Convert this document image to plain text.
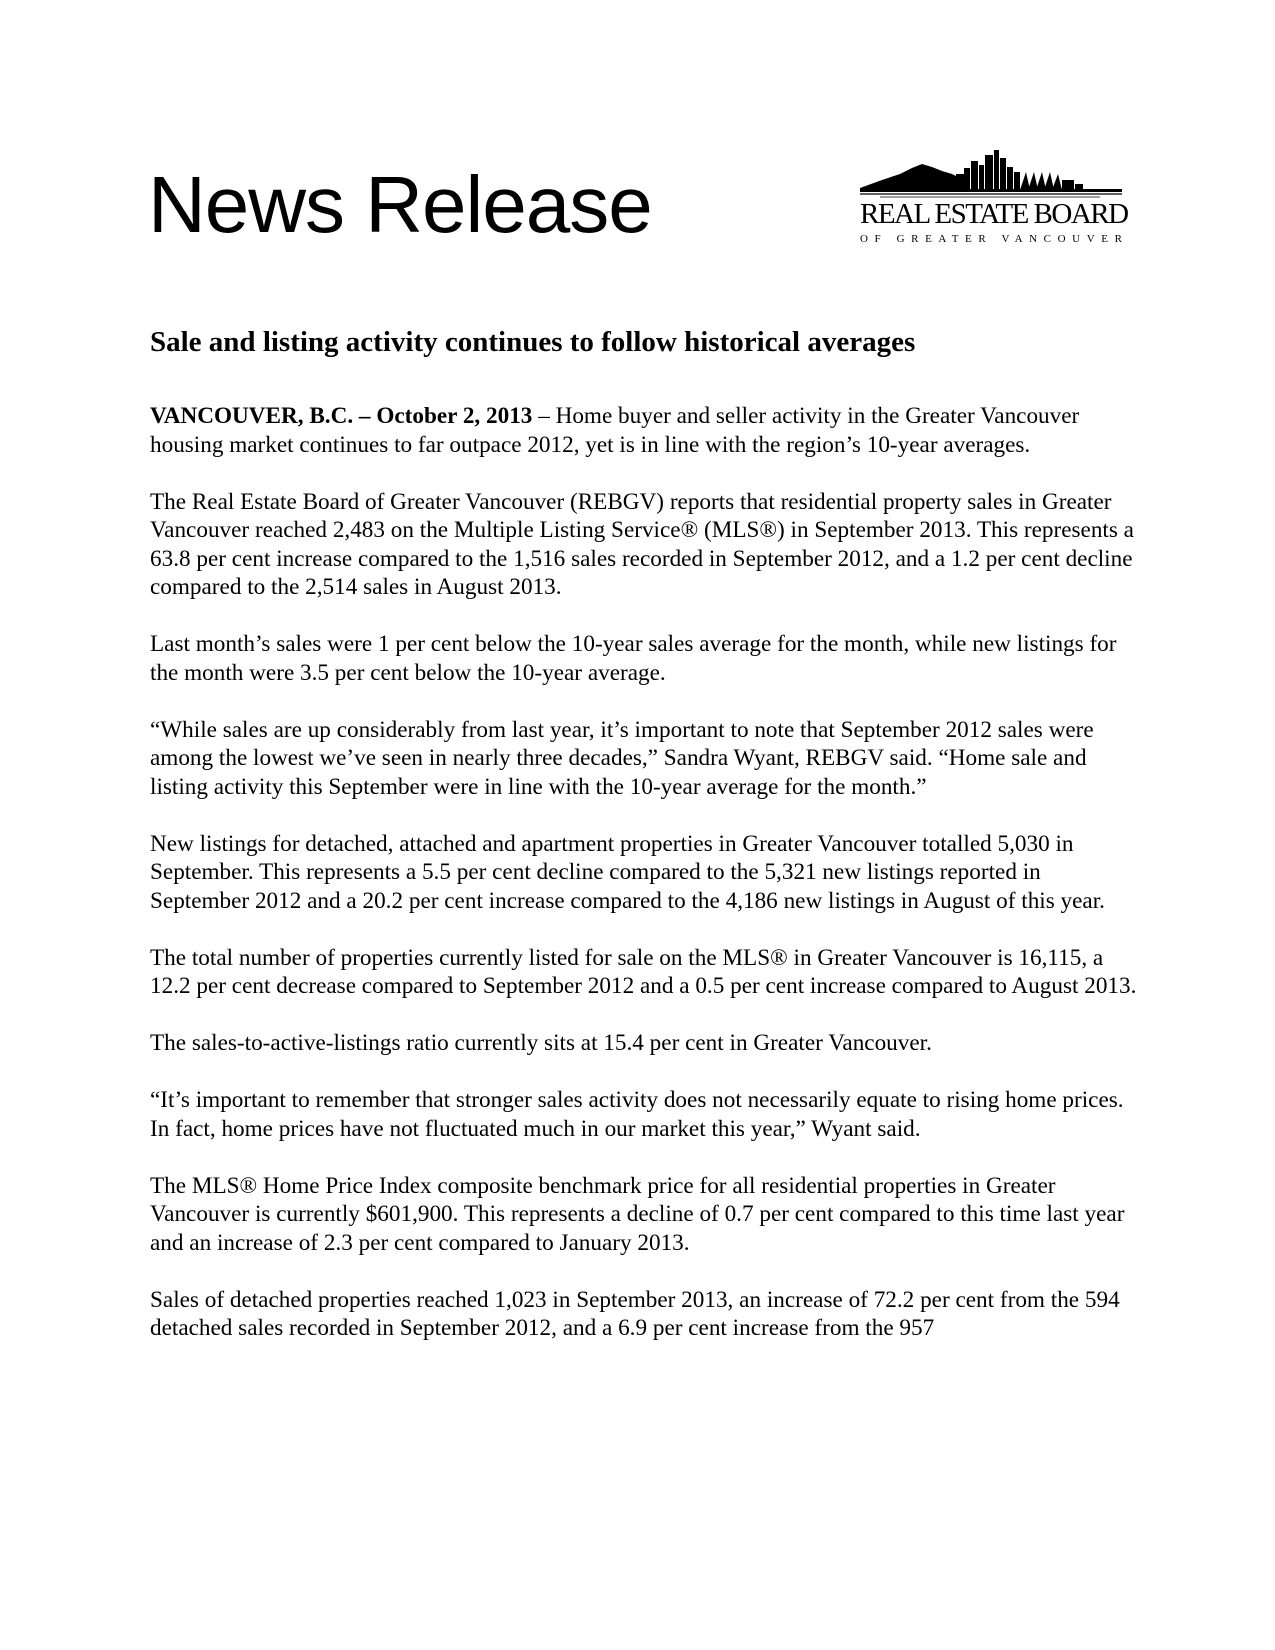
News Release	REAL ESTATE BOARD
OF GREATER VANCOUVER
Sale and listing activity continues to follow historical averages

VANCOUVER, B.C. – October 2, 2013 – Home buyer and seller activity in the Greater Vancouver housing market continues to far outpace 2012, yet is in line with the region’s 10-year averages.

The Real Estate Board of Greater Vancouver (REBGV) reports that residential property sales in Greater Vancouver reached 2,483 on the Multiple Listing Service® (MLS®) in September 2013. This represents a 63.8 per cent increase compared to the 1,516 sales recorded in September 2012, and a 1.2 per cent decline compared to the 2,514 sales in August 2013.

Last month’s sales were 1 per cent below the 10-year sales average for the month, while new listings for the month were 3.5 per cent below the 10-year average.

“While sales are up considerably from last year, it’s important to note that September 2012 sales were among the lowest we’ve seen in nearly three decades,” Sandra Wyant, REBGV said. “Home sale and listing activity this September were in line with the 10-year average for the month.”

New listings for detached, attached and apartment properties in Greater Vancouver totalled 5,030 in September. This represents a 5.5 per cent decline compared to the 5,321 new listings reported in September 2012 and a 20.2 per cent increase compared to the 4,186 new listings in August of this year.

The total number of properties currently listed for sale on the MLS® in Greater Vancouver is 16,115, a 12.2 per cent decrease compared to September 2012 and a 0.5 per cent increase compared to August 2013.

The sales-to-active-listings ratio currently sits at 15.4 per cent in Greater Vancouver.

“It’s important to remember that stronger sales activity does not necessarily equate to rising home prices. In fact, home prices have not fluctuated much in our market this year,” Wyant said.

The MLS® Home Price Index composite benchmark price for all residential properties in Greater Vancouver is currently $601,900. This represents a decline of 0.7 per cent compared to this time last year and an increase of 2.3 per cent compared to January 2013.

Sales of detached properties reached 1,023 in September 2013, an increase of 72.2 per cent from the 594 detached sales recorded in September 2012, and a 6.9 per cent increase from the 957
